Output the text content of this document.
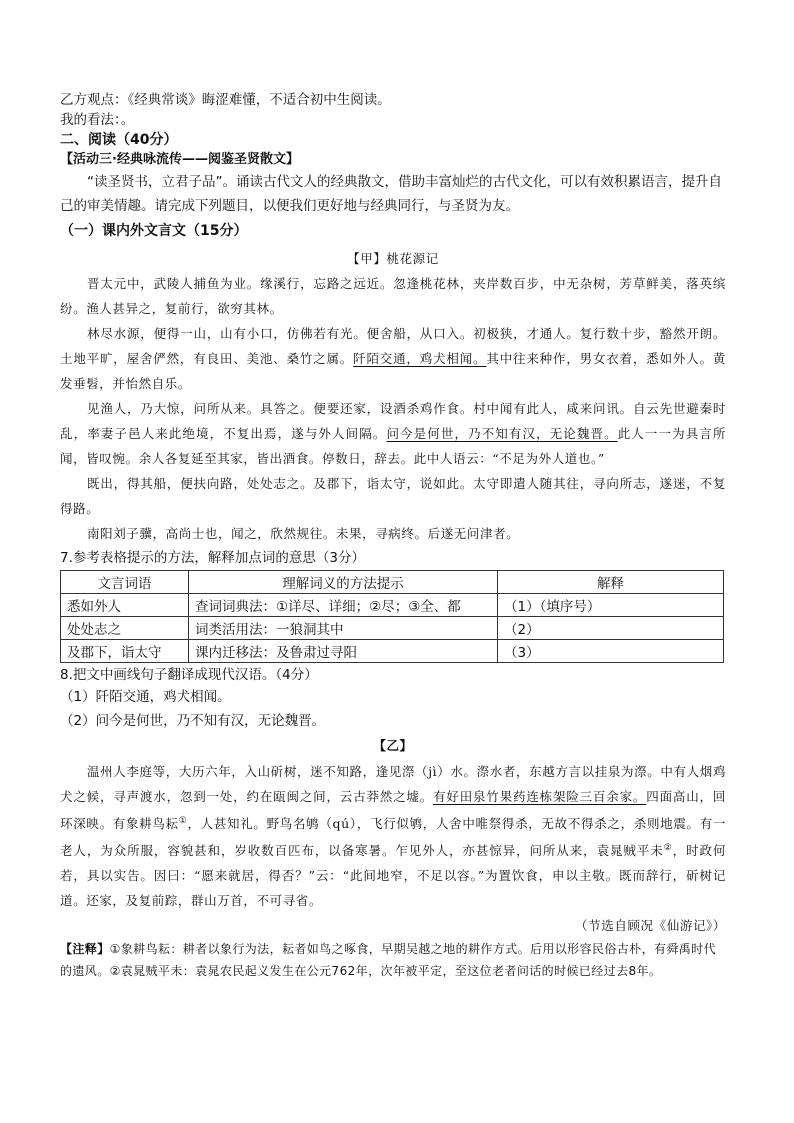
乙方观点：《经典常谈》晦涩难懂，不适合初中生阅读。
我的看法：。
二、阅读（40分）
【活动三·经典咏流传——阅鉴圣贤散文】
“读圣贤书，立君子品”。诵读古代文人的经典散文，借助丰富灿烂的古代文化，可以有效积累语言，提升自己的审美情趣。请完成下列题目，以便我们更好地与经典同行，与圣贤为友。
（一）课内外文言文（15分）
【甲】桃花源记
晋太元中，武陵人捕鱼为业。缘溪行，忘路之远近。忽逢桃花林，夹岸数百步，中无杂树，芳草鲜美，落英缤纷。渔人甚异之，复前行，欲穷其林。
林尽水源，便得一山，山有小口，仿佛若有光。便舍船，从口入。初极狭，才通人。复行数十步，豁然开朗。土地平旷，屋舍俨然，有良田、美池、桑竹之属。阡陌交通，鸡犬相闻。其中往来种作，男女衣着，悉如外人。黄发垂髫，并怡然自乐。
见渔人，乃大惊，问所从来。具答之。便要还家，设酒杀鸡作食。村中闻有此人，咸来问讯。自云先世避秦时乱，率妻子邑人来此绝境，不复出焉，遂与外人间隔。问今是何世，乃不知有汉，无论魏晋。此人一一为具言所闻，皆叹惋。余人各复延至其家，皆出酒食。停数日，辞去。此中人语云：“不足为外人道也。”
既出，得其船，便扶向路，处处志之。及郡下，诣太守，说如此。太守即遣人随其往，寻向所志，遂迷，不复得路。
南阳刘子骥，高尚士也，闻之，欣然规往。未果，寻病终。后遂无问津者。
7.参考表格提示的方法，解释加点词的意思（3分）
文言词语	理解词义的方法提示	解释
悉如外人	查词词典法：①详尽、详细；②尽；③全、都	（1）（填序号）
处处志之	词类活用法：一狼洞其中	（2）
及郡下，诣太守	课内迁移法：及鲁肃过寻阳	（3）
8.把文中画线句子翻译成现代汉语。（4分）
（1）阡陌交通，鸡犬相闻。
（2）问今是何世，乃不知有汉，无论魏晋。
【乙】
温州人李庭等，大历六年，入山斫树，迷不知路，逢见漈（jì）水。漈水者，东越方言以挂泉为漈。中有人烟鸡犬之候，寻声渡水，忽到一处，约在瓯闽之间，云古莽然之墟。有好田泉竹果药连栋架险三百余家。四面高山，回环深映。有象耕鸟耘①，人甚知礼。野鸟名鸲（qú），飞行似鸲，人舍中唯祭得杀，无故不得杀之，杀则地震。有一老人，为众所服，容貌甚和，岁收数百匹布，以备寒暑。乍见外人，亦甚惊异，问所从来，袁晁贼平未②，时政何若，具以实告。因曰：“愿来就居，得否？”云：“此间地窄，不足以容。”为置饮食，申以主敬。既而辞行，斫树记道。还家，及复前踪，群山万首，不可寻省。
（节选自顾况《仙游记》）
【注释】①象耕鸟耘：耕者以象行为法，耘者如鸟之啄食，早期吴越之地的耕作方式。后用以形容民俗古朴，有舜禹时代的遗风。②袁晁贼平未：袁晁农民起义发生在公元762年，次年被平定，至这位老者问话的时候已经过去8年。
